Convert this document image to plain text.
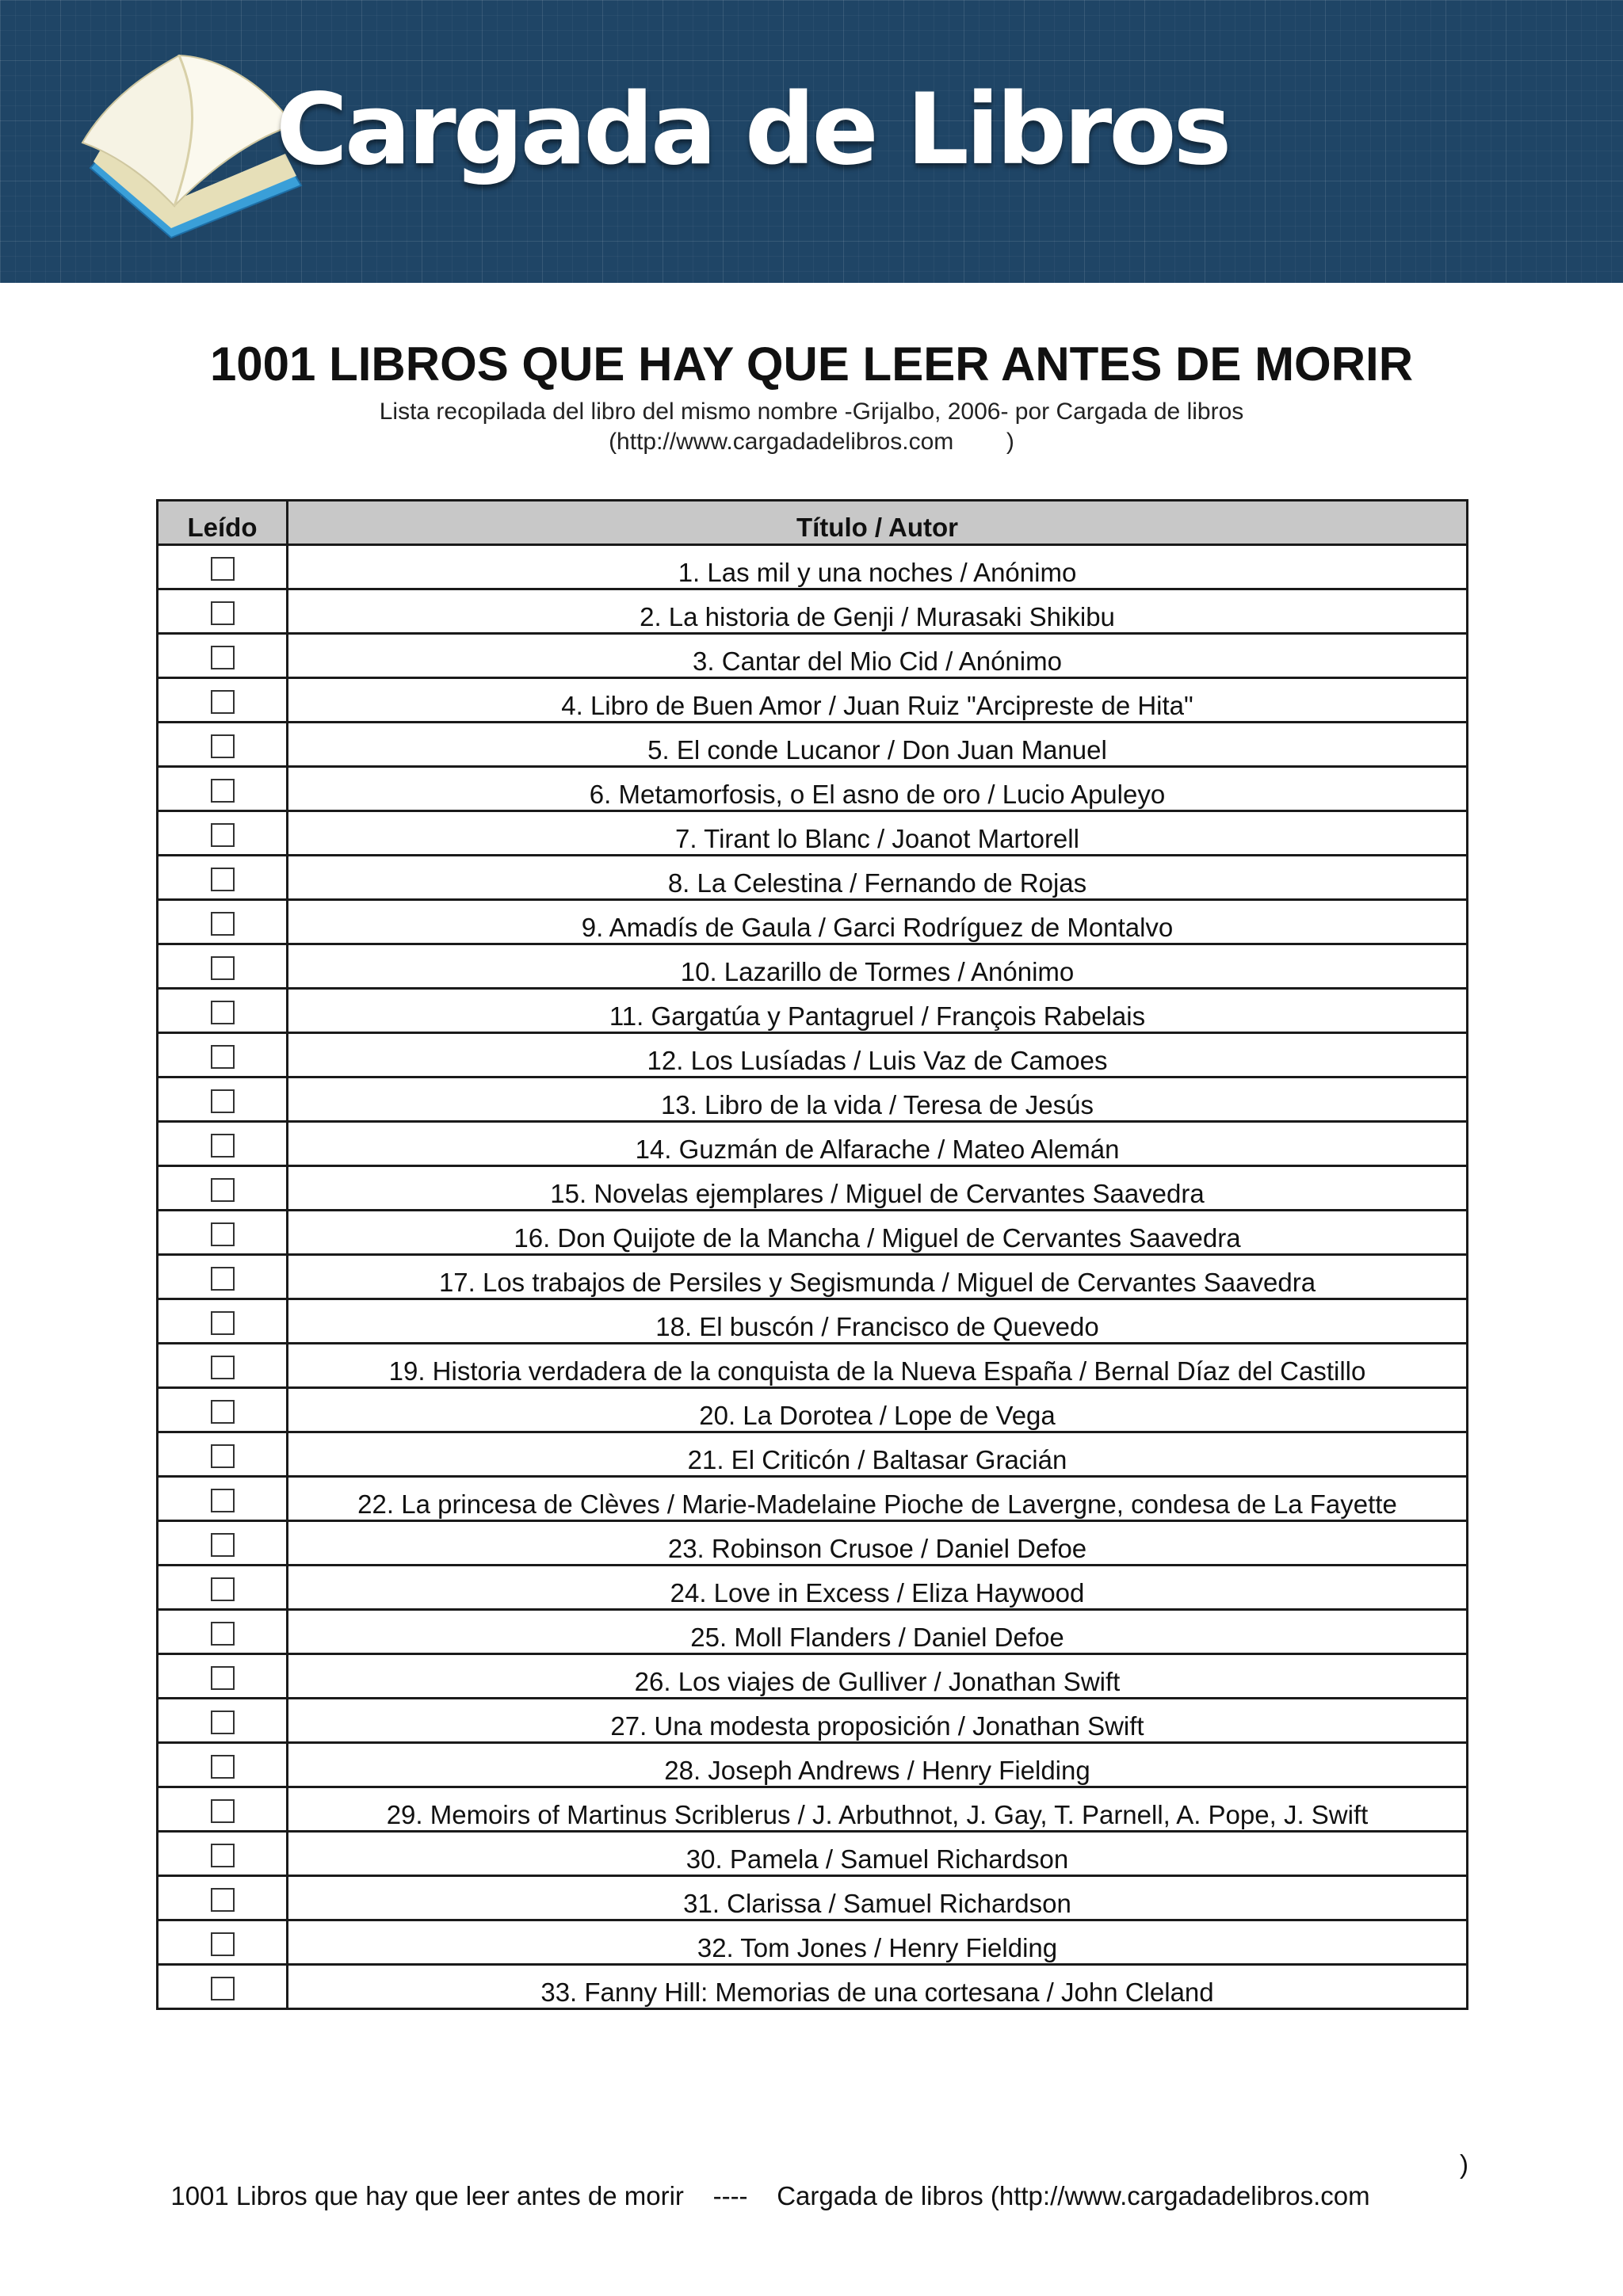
Cargada de Libros
1001 LIBROS QUE HAY QUE LEER ANTES DE MORIR
Lista recopilada del libro del mismo nombre -Grijalbo, 2006- por Cargada de libros
(http://www.cargadadelibros.com        )
Leído	Título / Autor
	1. Las mil y una noches / Anónimo
	2. La historia de Genji / Murasaki Shikibu
	3. Cantar del Mio Cid / Anónimo
	4. Libro de Buen Amor / Juan Ruiz "Arcipreste de Hita"
	5. El conde Lucanor / Don Juan Manuel
	6. Metamorfosis, o El asno de oro / Lucio Apuleyo
	7. Tirant lo Blanc / Joanot Martorell
	8. La Celestina / Fernando de Rojas
	9. Amadís de Gaula / Garci Rodríguez de Montalvo
	10. Lazarillo de Tormes / Anónimo
	11. Gargatúa y Pantagruel / François Rabelais
	12. Los Lusíadas / Luis Vaz de Camoes
	13. Libro de la vida / Teresa de Jesús
	14. Guzmán de Alfarache / Mateo Alemán
	15. Novelas ejemplares / Miguel de Cervantes Saavedra
	16. Don Quijote de la Mancha / Miguel de Cervantes Saavedra
	17. Los trabajos de Persiles y Segismunda / Miguel de Cervantes Saavedra
	18. El buscón / Francisco de Quevedo
	19. Historia verdadera de la conquista de la Nueva España / Bernal Díaz del Castillo
	20. La Dorotea / Lope de Vega
	21. El Criticón / Baltasar Gracián
	22. La princesa de Clèves / Marie-Madelaine Pioche de Lavergne, condesa de La Fayette
	23. Robinson Crusoe / Daniel Defoe
	24. Love in Excess / Eliza Haywood
	25. Moll Flanders / Daniel Defoe
	26. Los viajes de Gulliver / Jonathan Swift
	27. Una modesta proposición / Jonathan Swift
	28. Joseph Andrews / Henry Fielding
	29. Memoirs of Martinus Scriblerus / J. Arbuthnot, J. Gay, T. Parnell, A. Pope, J. Swift
	30. Pamela / Samuel Richardson
	31. Clarissa / Samuel Richardson
	32. Tom Jones / Henry Fielding
	33. Fanny Hill: Memorias de una cortesana / John Cleland

1001 Libros que hay que leer antes de morir    ----    Cargada de libros (http://www.cargadadelibros.com

)
